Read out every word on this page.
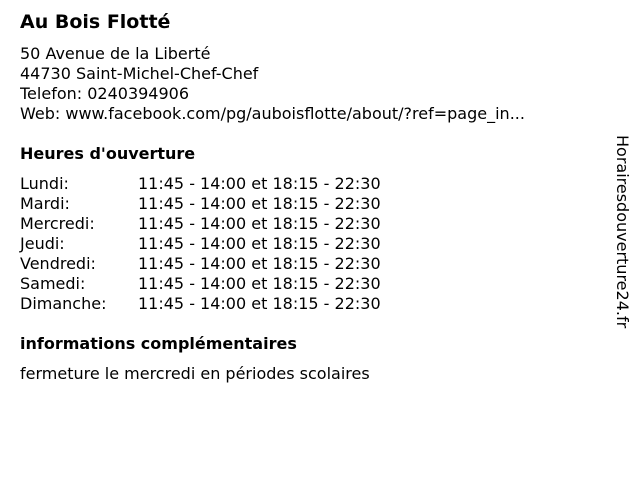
Au Bois Flotté
50 Avenue de la Liberté
44730 Saint-Michel-Chef-Chef
Telefon: 0240394906
Web: www.facebook.com/pg/auboisflotte/about/?ref=page_in...
Heures d'ouverture
Lundi:	11:45 - 14:00 et 18:15 - 22:30
Mardi:	11:45 - 14:00 et 18:15 - 22:30
Mercredi:	11:45 - 14:00 et 18:15 - 22:30
Jeudi:	11:45 - 14:00 et 18:15 - 22:30
Vendredi:	11:45 - 14:00 et 18:15 - 22:30
Samedi:	11:45 - 14:00 et 18:15 - 22:30
Dimanche:	11:45 - 14:00 et 18:15 - 22:30
informations complémentaires
fermeture le mercredi en périodes scolaires
Horairesdouverture24.fr
